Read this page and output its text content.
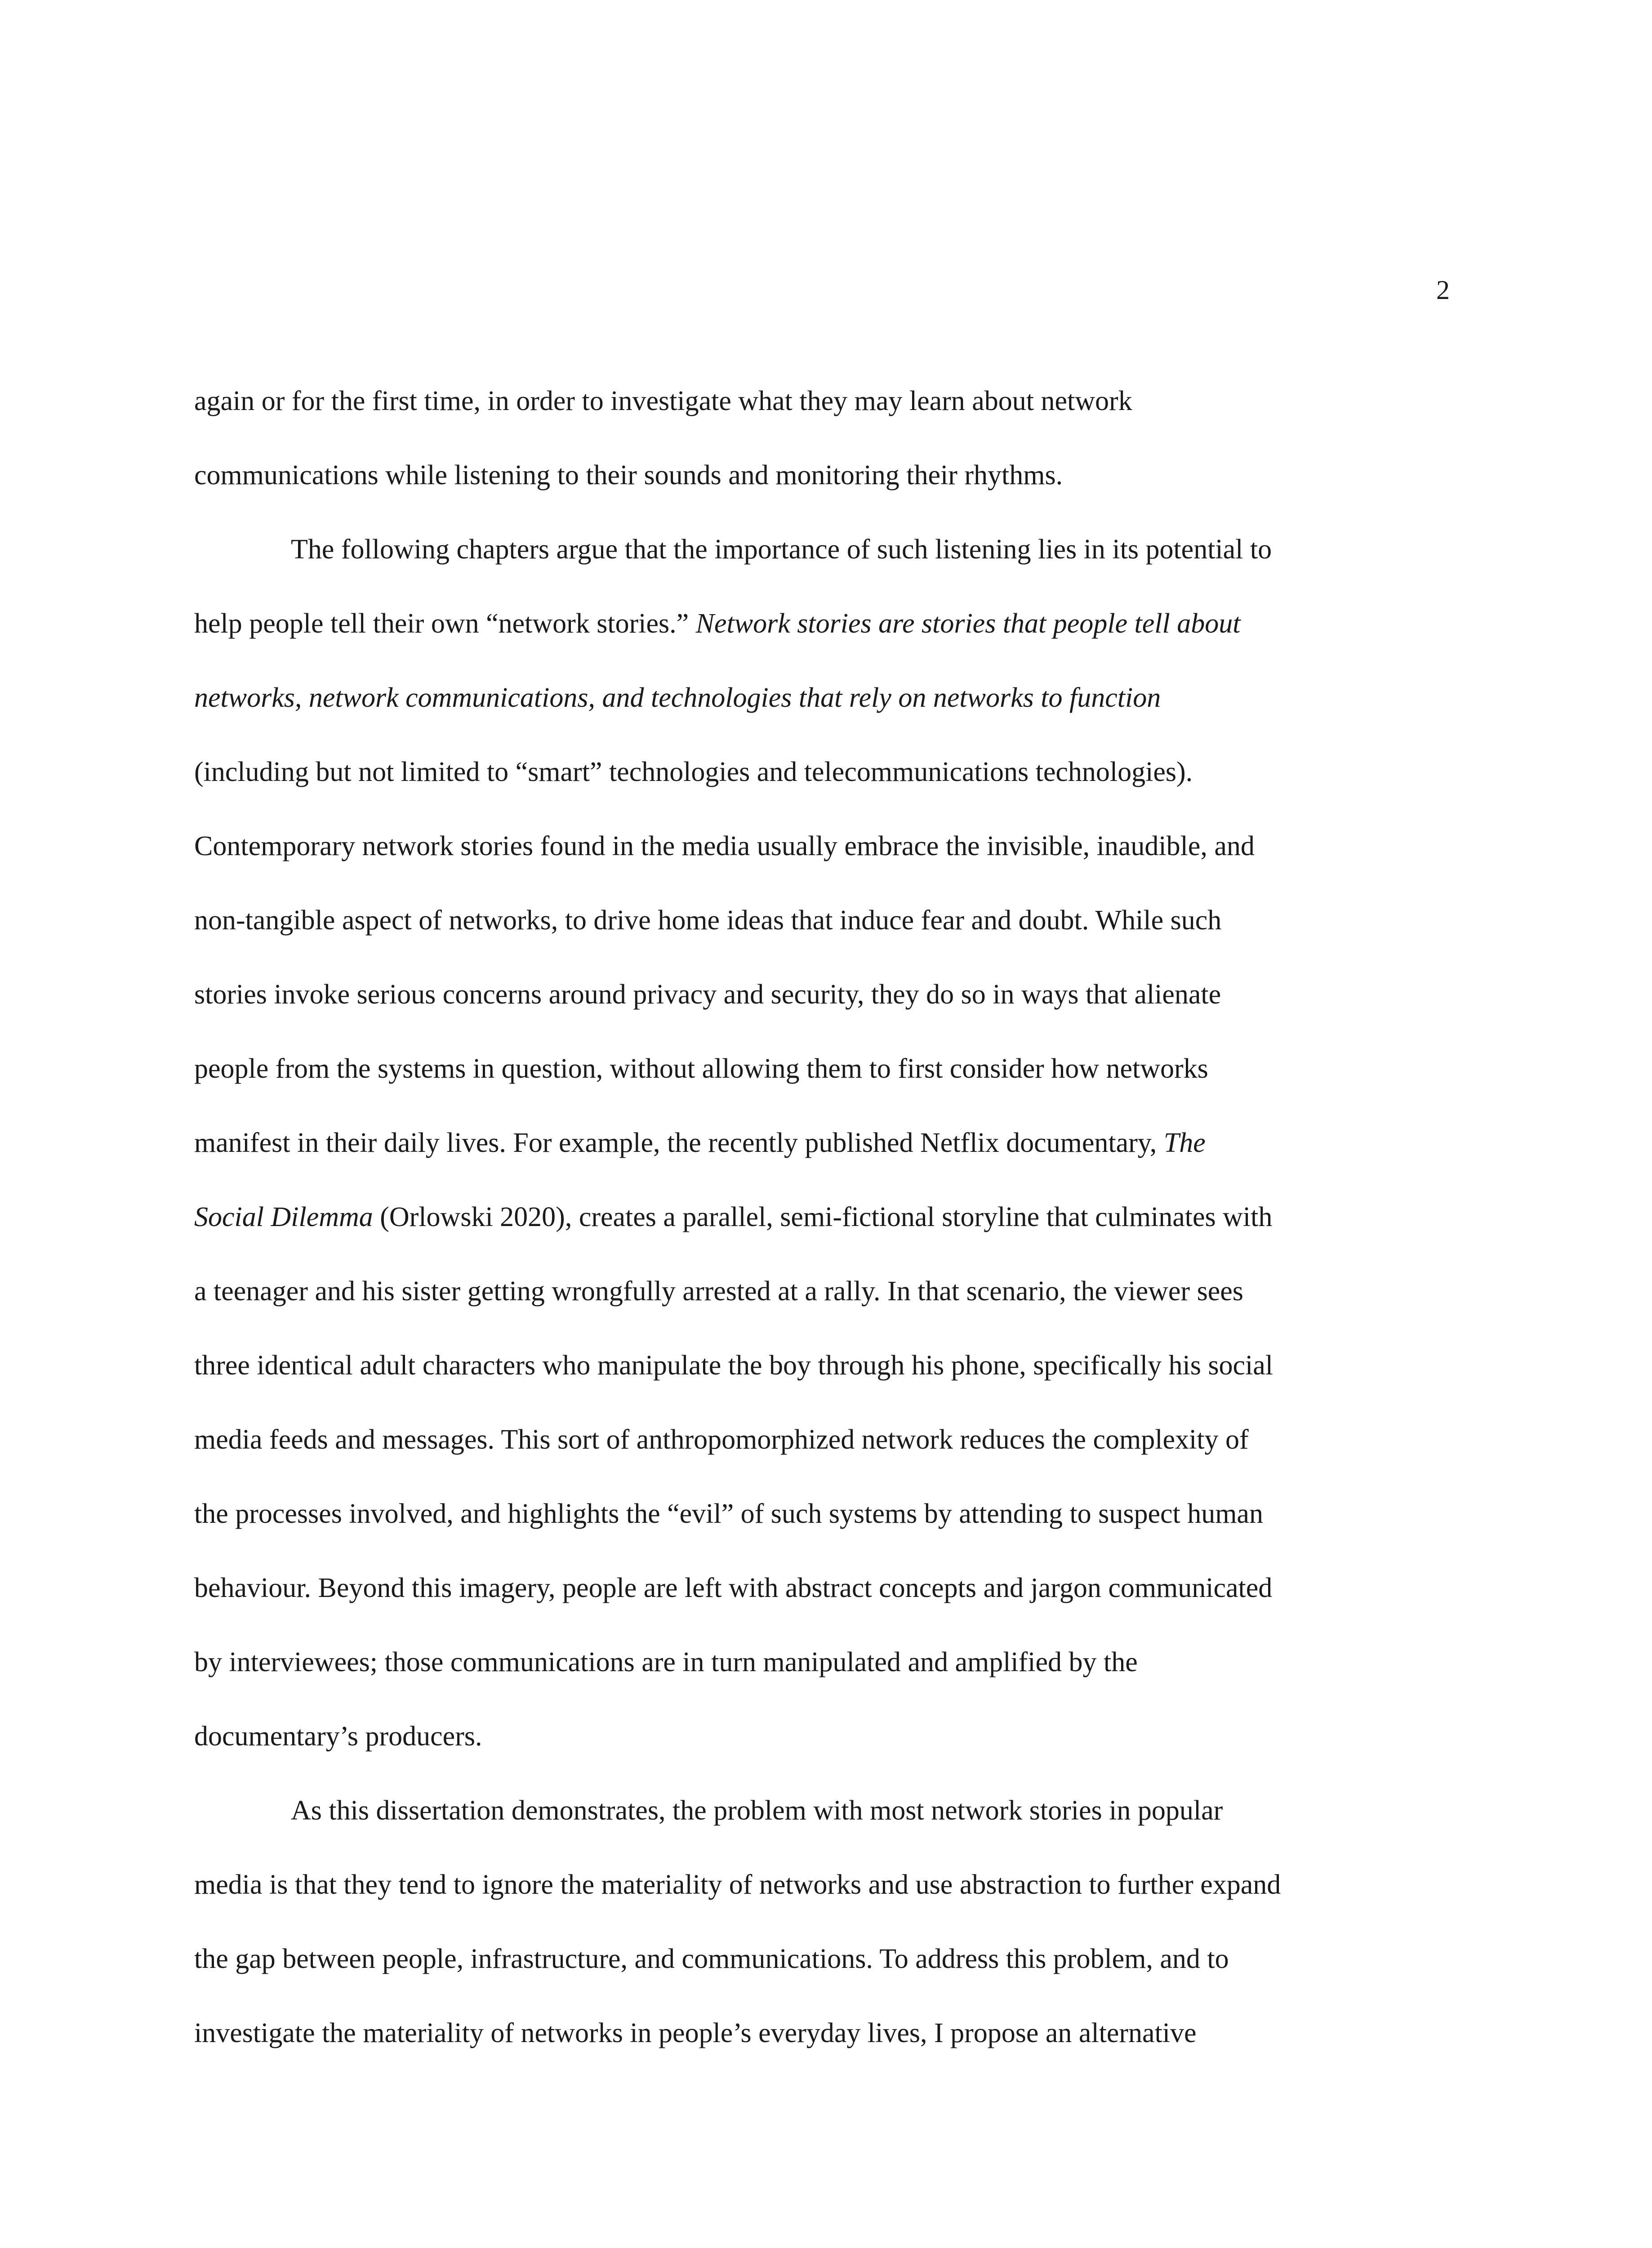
2
again or for the first time, in order to investigate what they may learn about network
communications while listening to their sounds and monitoring their rhythms.
The following chapters argue that the importance of such listening lies in its potential to
help people tell their own “network stories.” Network stories are stories that people tell about
networks, network communications, and technologies that rely on networks to function
(including but not limited to “smart” technologies and telecommunications technologies).
Contemporary network stories found in the media usually embrace the invisible, inaudible, and
non-tangible aspect of networks, to drive home ideas that induce fear and doubt. While such
stories invoke serious concerns around privacy and security, they do so in ways that alienate
people from the systems in question, without allowing them to first consider how networks
manifest in their daily lives. For example, the recently published Netflix documentary, The
Social Dilemma (Orlowski 2020), creates a parallel, semi-fictional storyline that culminates with
a teenager and his sister getting wrongfully arrested at a rally. In that scenario, the viewer sees
three identical adult characters who manipulate the boy through his phone, specifically his social
media feeds and messages. This sort of anthropomorphized network reduces the complexity of
the processes involved, and highlights the “evil” of such systems by attending to suspect human
behaviour. Beyond this imagery, people are left with abstract concepts and jargon communicated
by interviewees; those communications are in turn manipulated and amplified by the
documentary’s producers.
As this dissertation demonstrates, the problem with most network stories in popular
media is that they tend to ignore the materiality of networks and use abstraction to further expand
the gap between people, infrastructure, and communications. To address this problem, and to
investigate the materiality of networks in people’s everyday lives, I propose an alternative
